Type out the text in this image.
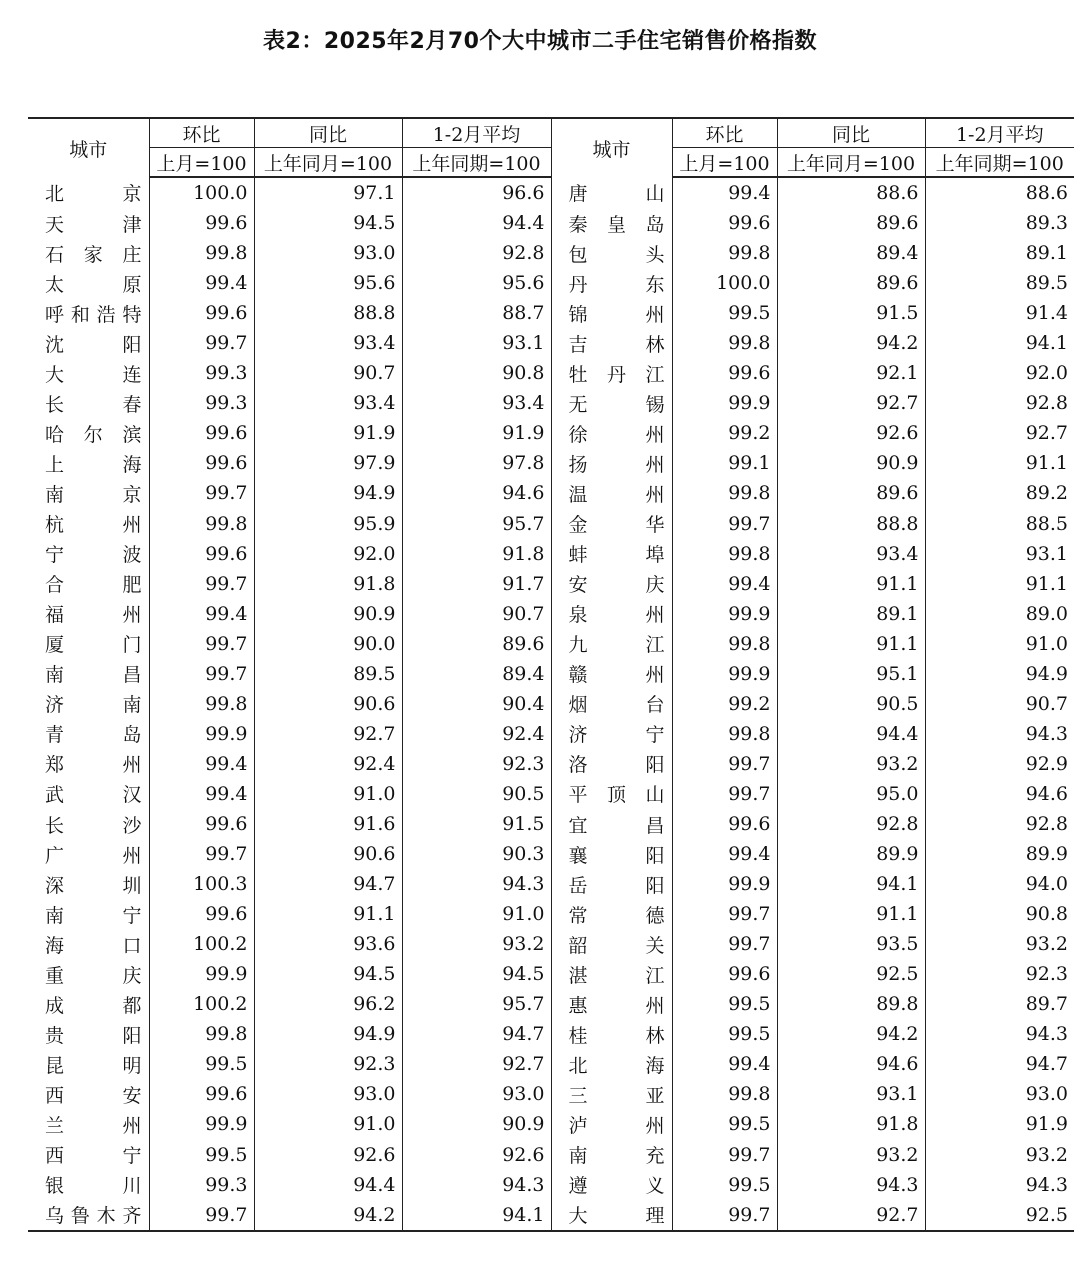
表2：2025年2月70个大中城市二手住宅销售价格指数
城市	环比	同比	1-2月平均	城市	环比	同比	1-2月平均
	上月=100	上年同月=100	上年同期=100		上月=100	上年同月=100	上年同期=100
北京	100.0	97.1	96.6	唐山	99.4	88.6	88.6
天津	99.6	94.5	94.4	秦皇岛	99.6	89.6	89.3
石家庄	99.8	93.0	92.8	包头	99.8	89.4	89.1
太原	99.4	95.6	95.6	丹东	100.0	89.6	89.5
呼和浩特	99.6	88.8	88.7	锦州	99.5	91.5	91.4
沈阳	99.7	93.4	93.1	吉林	99.8	94.2	94.1
大连	99.3	90.7	90.8	牡丹江	99.6	92.1	92.0
长春	99.3	93.4	93.4	无锡	99.9	92.7	92.8
哈尔滨	99.6	91.9	91.9	徐州	99.2	92.6	92.7
上海	99.6	97.9	97.8	扬州	99.1	90.9	91.1
南京	99.7	94.9	94.6	温州	99.8	89.6	89.2
杭州	99.8	95.9	95.7	金华	99.7	88.8	88.5
宁波	99.6	92.0	91.8	蚌埠	99.8	93.4	93.1
合肥	99.7	91.8	91.7	安庆	99.4	91.1	91.1
福州	99.4	90.9	90.7	泉州	99.9	89.1	89.0
厦门	99.7	90.0	89.6	九江	99.8	91.1	91.0
南昌	99.7	89.5	89.4	赣州	99.9	95.1	94.9
济南	99.8	90.6	90.4	烟台	99.2	90.5	90.7
青岛	99.9	92.7	92.4	济宁	99.8	94.4	94.3
郑州	99.4	92.4	92.3	洛阳	99.7	93.2	92.9
武汉	99.4	91.0	90.5	平顶山	99.7	95.0	94.6
长沙	99.6	91.6	91.5	宜昌	99.6	92.8	92.8
广州	99.7	90.6	90.3	襄阳	99.4	89.9	89.9
深圳	100.3	94.7	94.3	岳阳	99.9	94.1	94.0
南宁	99.6	91.1	91.0	常德	99.7	91.1	90.8
海口	100.2	93.6	93.2	韶关	99.7	93.5	93.2
重庆	99.9	94.5	94.5	湛江	99.6	92.5	92.3
成都	100.2	96.2	95.7	惠州	99.5	89.8	89.7
贵阳	99.8	94.9	94.7	桂林	99.5	94.2	94.3
昆明	99.5	92.3	92.7	北海	99.4	94.6	94.7
西安	99.6	93.0	93.0	三亚	99.8	93.1	93.0
兰州	99.9	91.0	90.9	泸州	99.5	91.8	91.9
西宁	99.5	92.6	92.6	南充	99.7	93.2	93.2
银川	99.3	94.4	94.3	遵义	99.5	94.3	94.3
乌鲁木齐	99.7	94.2	94.1	大理	99.7	92.7	92.5
